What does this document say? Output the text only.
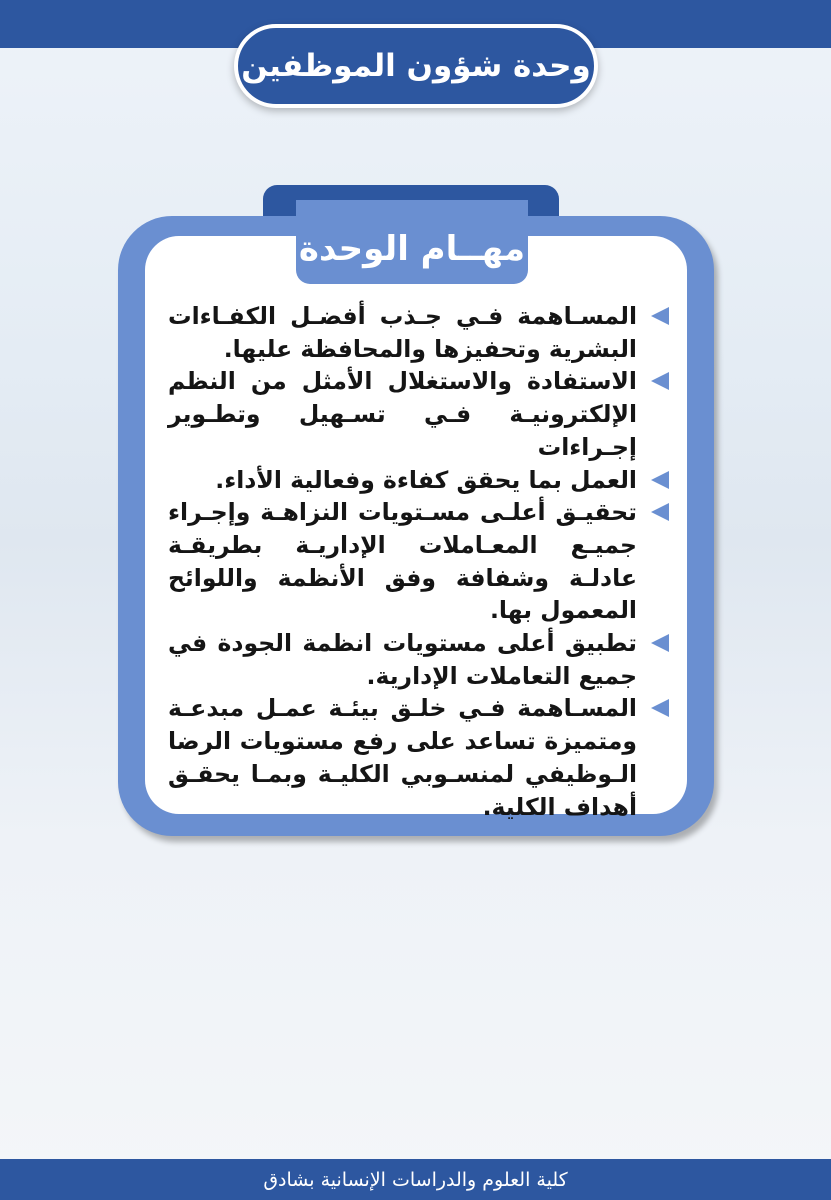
وحدة شؤون الموظفين
مهــام الوحدة
المسـاهمة فـي جـذب أفضـل الكفـاءات البشرية وتحفيزها والمحافظة عليها.
الاستفادة والاستغلال الأمثل من النظم الإلكترونيـة فـي تسـهيل وتطـوير إجـراءات
العمل بما يحقق كفاءة وفعالية الأداء.
تحقيـق أعلـى مسـتويات النزاهـة وإجـراء جميـع المعـاملات الإداريـة بطريقـة عادلـة وشفافة وفق الأنظمة واللوائح المعمول بها.
تطبيق أعلى مستويات انظمة الجودة في جميع التعاملات الإدارية.
المسـاهمة فـي خلـق بيئـة عمـل مبدعـة ومتميزة تساعد على رفع مستويات الرضا الـوظيفي لمنسـوبي الكليـة وبمـا يحقـق أهداف الكلية.
كلية العلوم والدراسات الإنسانية بشادق
